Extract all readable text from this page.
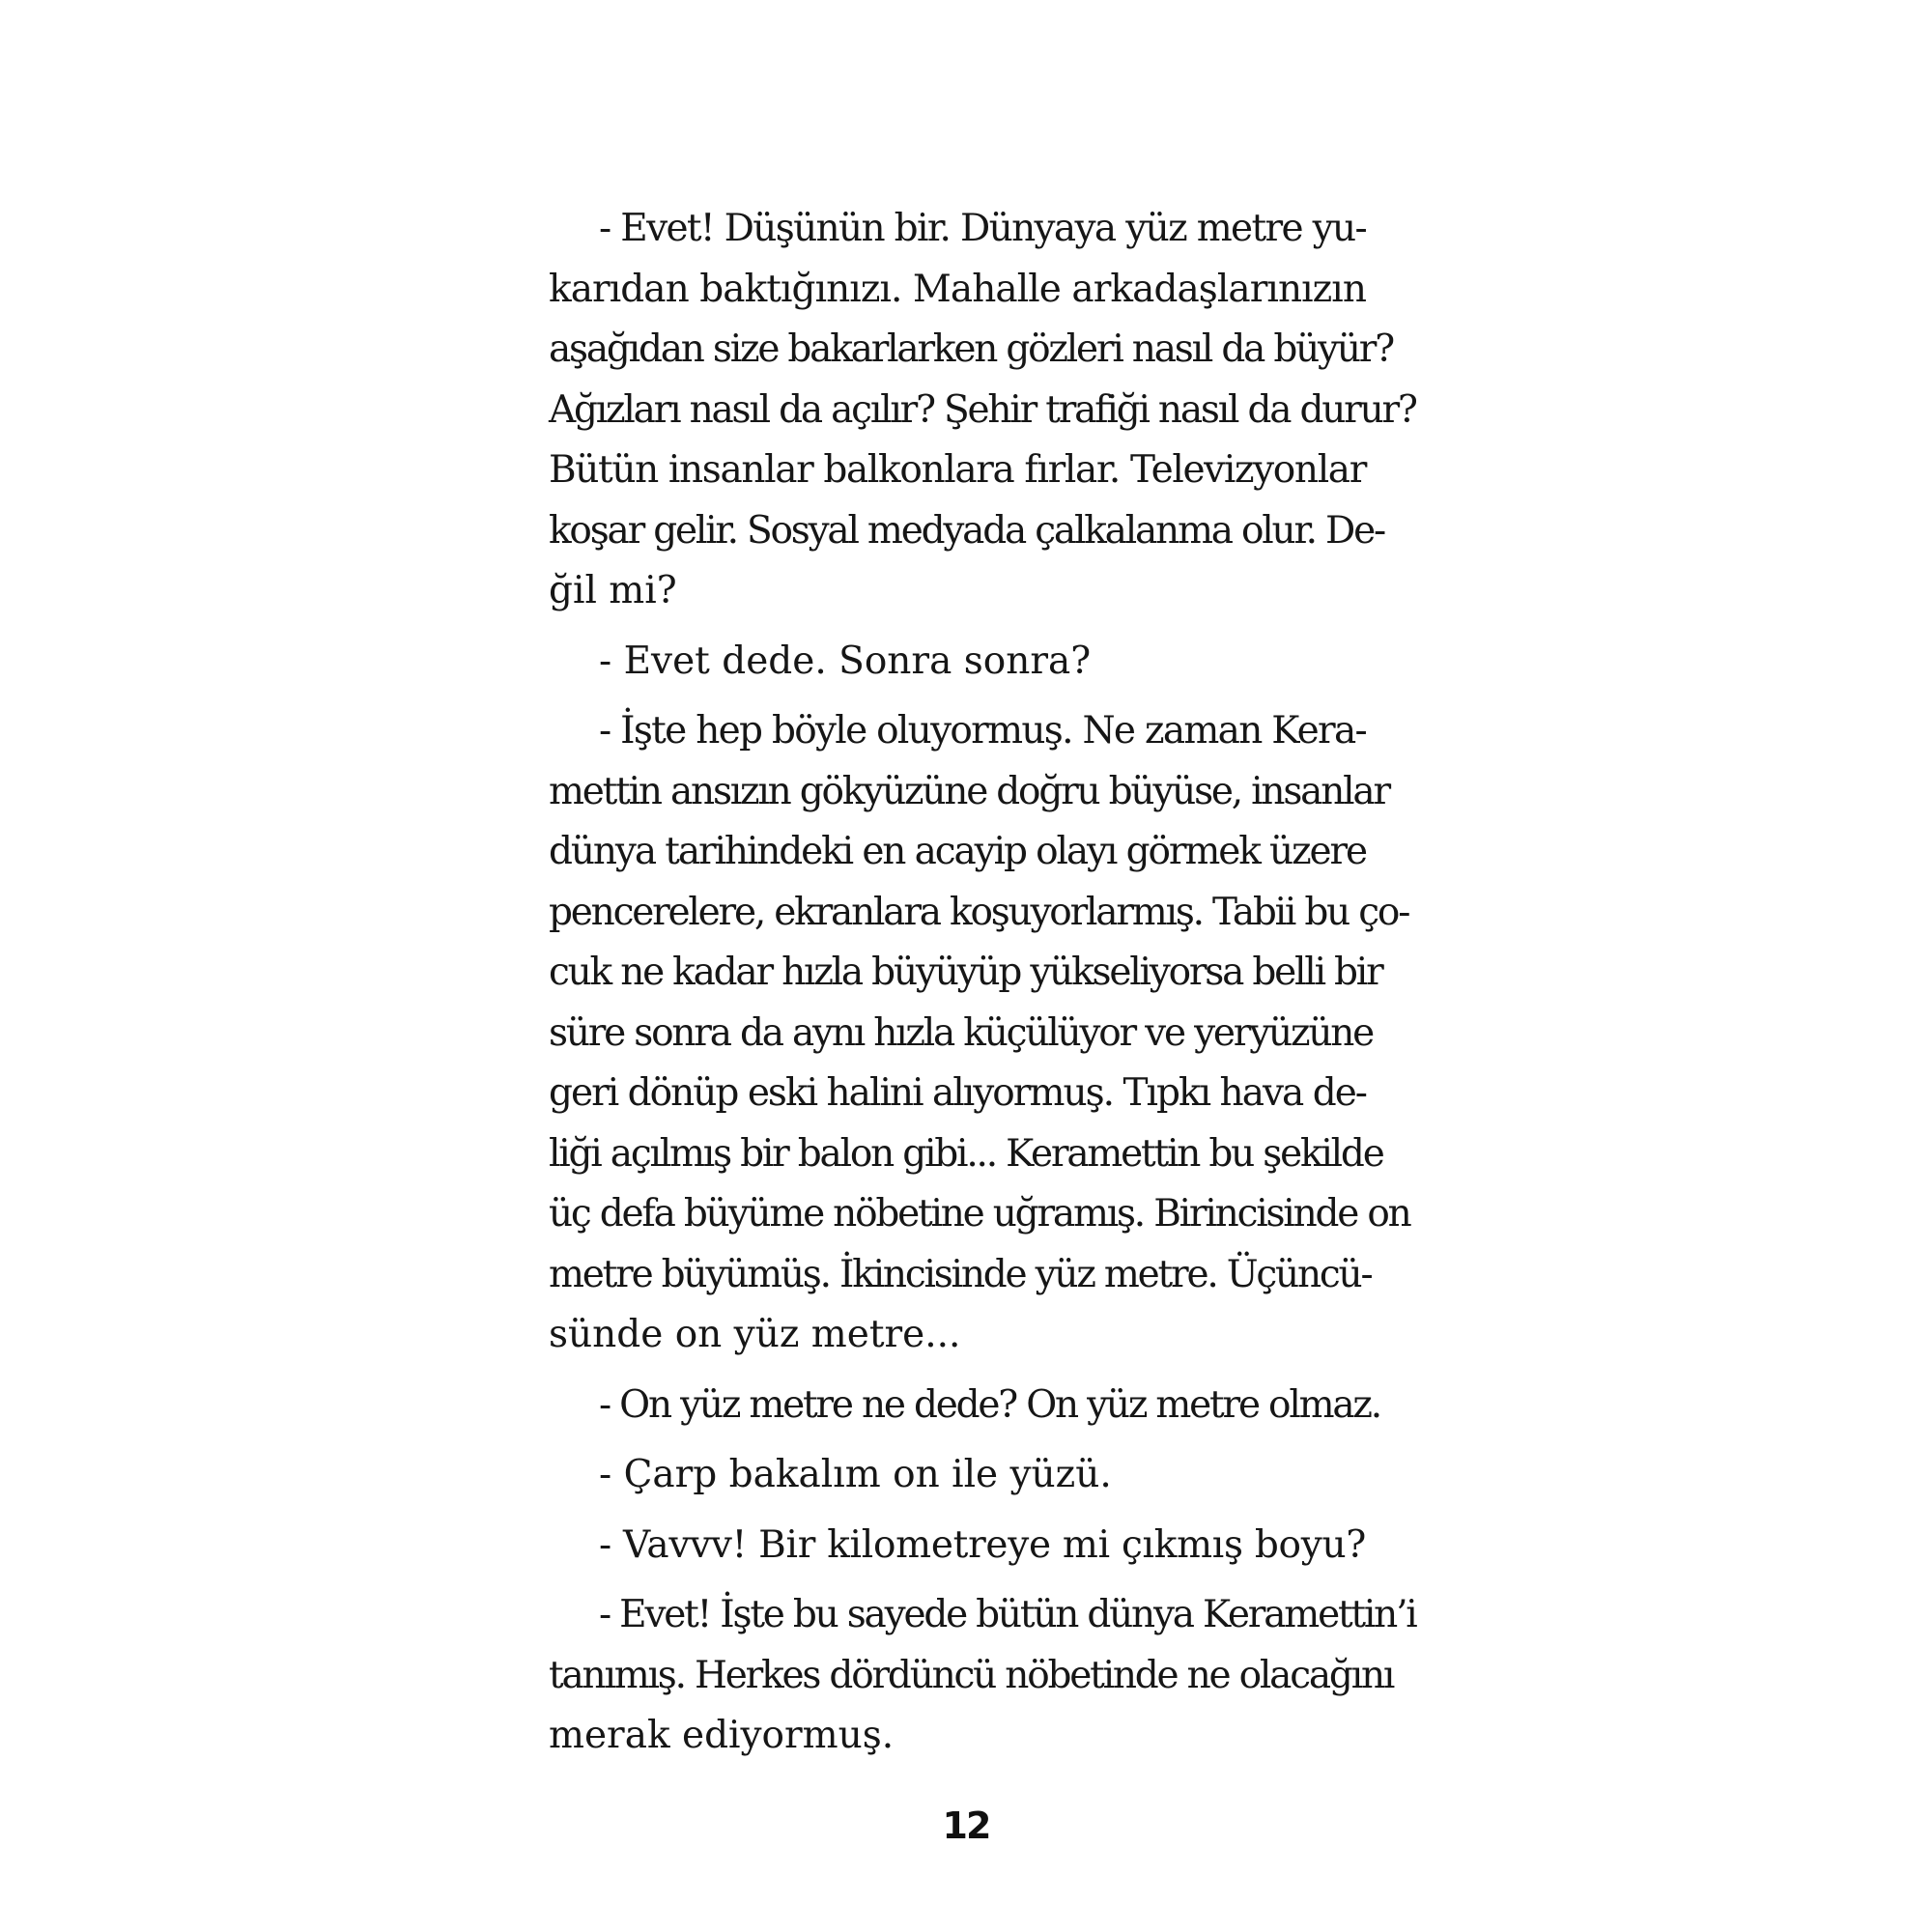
- Evet! Düşünün bir. Dünyaya yüz metre yu-
karıdan baktığınızı. Mahalle arkadaşlarınızın
aşağıdan size bakarlarken gözleri nasıl da büyür?
Ağızları nasıl da açılır? Şehir trafiği nasıl da durur?
Bütün insanlar balkonlara fırlar. Televizyonlar
koşar gelir. Sosyal medyada çalkalanma olur. De-
ğil mi?
- Evet dede. Sonra sonra?
- İşte hep böyle oluyormuş. Ne zaman Kera-
mettin ansızın gökyüzüne doğru büyüse, insanlar
dünya tarihindeki en acayip olayı görmek üzere
pencerelere, ekranlara koşuyorlarmış. Tabii bu ço-
cuk ne kadar hızla büyüyüp yükseliyorsa belli bir
süre sonra da aynı hızla küçülüyor ve yeryüzüne
geri dönüp eski halini alıyormuş. Tıpkı hava de-
liği açılmış bir balon gibi... Keramettin bu şekilde
üç defa büyüme nöbetine uğramış. Birincisinde on
metre büyümüş. İkincisinde yüz metre. Üçüncü-
sünde on yüz metre...
- On yüz metre ne dede? On yüz metre olmaz.
- Çarp bakalım on ile yüzü.
- Vavvv! Bir kilometreye mi çıkmış boyu?
- Evet! İşte bu sayede bütün dünya Keramettin’i
tanımış. Herkes dördüncü nöbetinde ne olacağını
merak ediyormuş.
12
